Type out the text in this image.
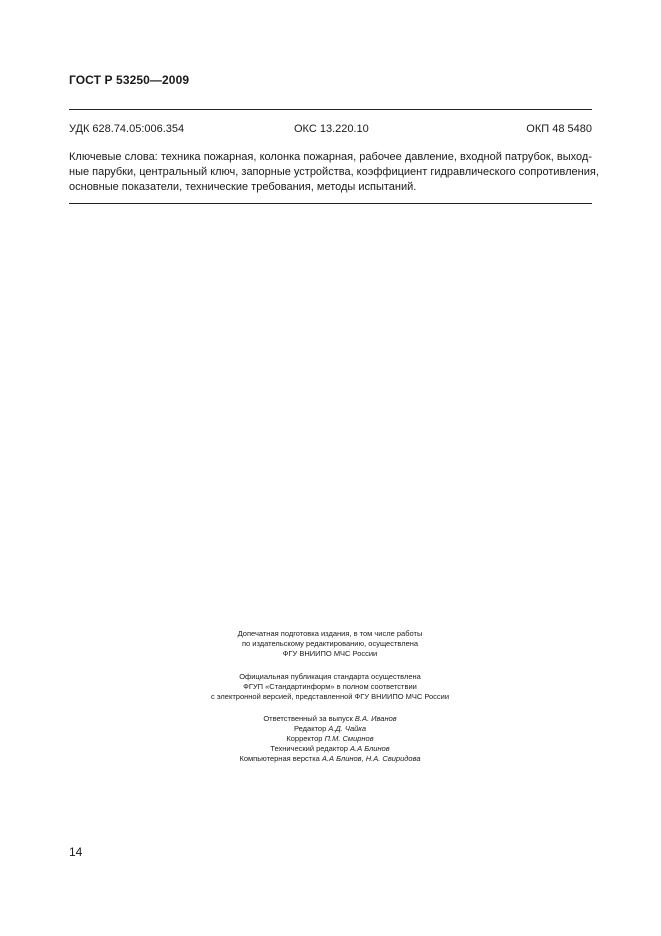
ГОСТ Р 53250—2009
УДК 628.74.05:006.354	ОКС 13.220.10	ОКП 48 5480
Ключевые слова: техника пожарная, колонка пожарная, рабочее давление, входной патрубок, выход-
ные парубки, центральный ключ, запорные устройства, коэффициент гидравлического сопротивления,
основные показатели, технические требования, методы испытаний.
Допечатная подготовка издания, в том числе работы
по издательскому редактированию, осуществлена
ФГУ ВНИИПО МЧС России
Официальная публикация стандарта осуществлена
ФГУП «Стандартинформ» в полном соответствии
с электронной версией, представленной ФГУ ВНИИПО МЧС России
Ответственный за выпуск В.А. Иванов
Редактор А.Д. Чайка
Корректор П.М. Смирнов
Технический редактор А.А Блинов
Компьютерная верстка А.А Блинов, Н.А. Свиридова
14
